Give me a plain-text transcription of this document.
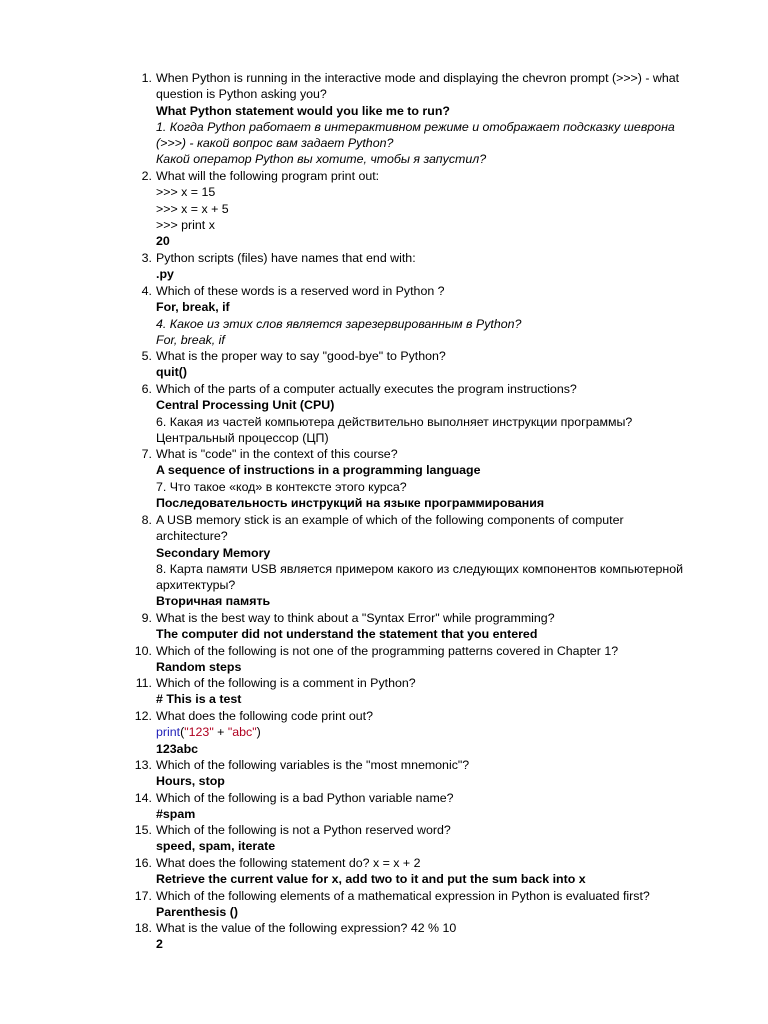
1. When Python is running in the interactive mode and displaying the chevron prompt (>>>) - what
question is Python asking you?
What Python statement would you like me to run?
1. Когда Python работает в интерактивном режиме и отображает подсказку шеврона
(>>>) - какой вопрос вам задает Python?
Какой оператор Python вы хотите, чтобы я запустил?
2. What will the following program print out:
>>> x = 15
>>> x = x + 5
>>> print x
20
3. Python scripts (files) have names that end with:
.py
4. Which of these words is a reserved word in Python ?
For, break, if
4. Какое из этих слов является зарезервированным в Python?
For, break, if
5. What is the proper way to say "good-bye" to Python?
quit()
6. Which of the parts of a computer actually executes the program instructions?
Central Processing Unit (CPU)
6. Какая из частей компьютера действительно выполняет инструкции программы?
Центральный процессор (ЦП)
7. What is "code" in the context of this course?
A sequence of instructions in a programming language
7. Что такое «код» в контексте этого курса?
Последовательность инструкций на языке программирования
8. A USB memory stick is an example of which of the following components of computer
architecture?
Secondary Memory
8. Карта памяти USB является примером какого из следующих компонентов компьютерной
архитектуры?
Вторичная память
9. What is the best way to think about a "Syntax Error" while programming?
The computer did not understand the statement that you entered
10. Which of the following is not one of the programming patterns covered in Chapter 1?
Random steps
11. Which of the following is a comment in Python?
# This is a test
12. What does the following code print out?
print("123" + "abc")
123abc
13. Which of the following variables is the "most mnemonic"?
Hours, stop
14. Which of the following is a bad Python variable name?
#spam
15. Which of the following is not a Python reserved word?
speed, spam, iterate
16. What does the following statement do? x = x + 2
Retrieve the current value for x, add two to it and put the sum back into x
17. Which of the following elements of a mathematical expression in Python is evaluated first?
Parenthesis ()
18. What is the value of the following expression? 42 % 10
2
